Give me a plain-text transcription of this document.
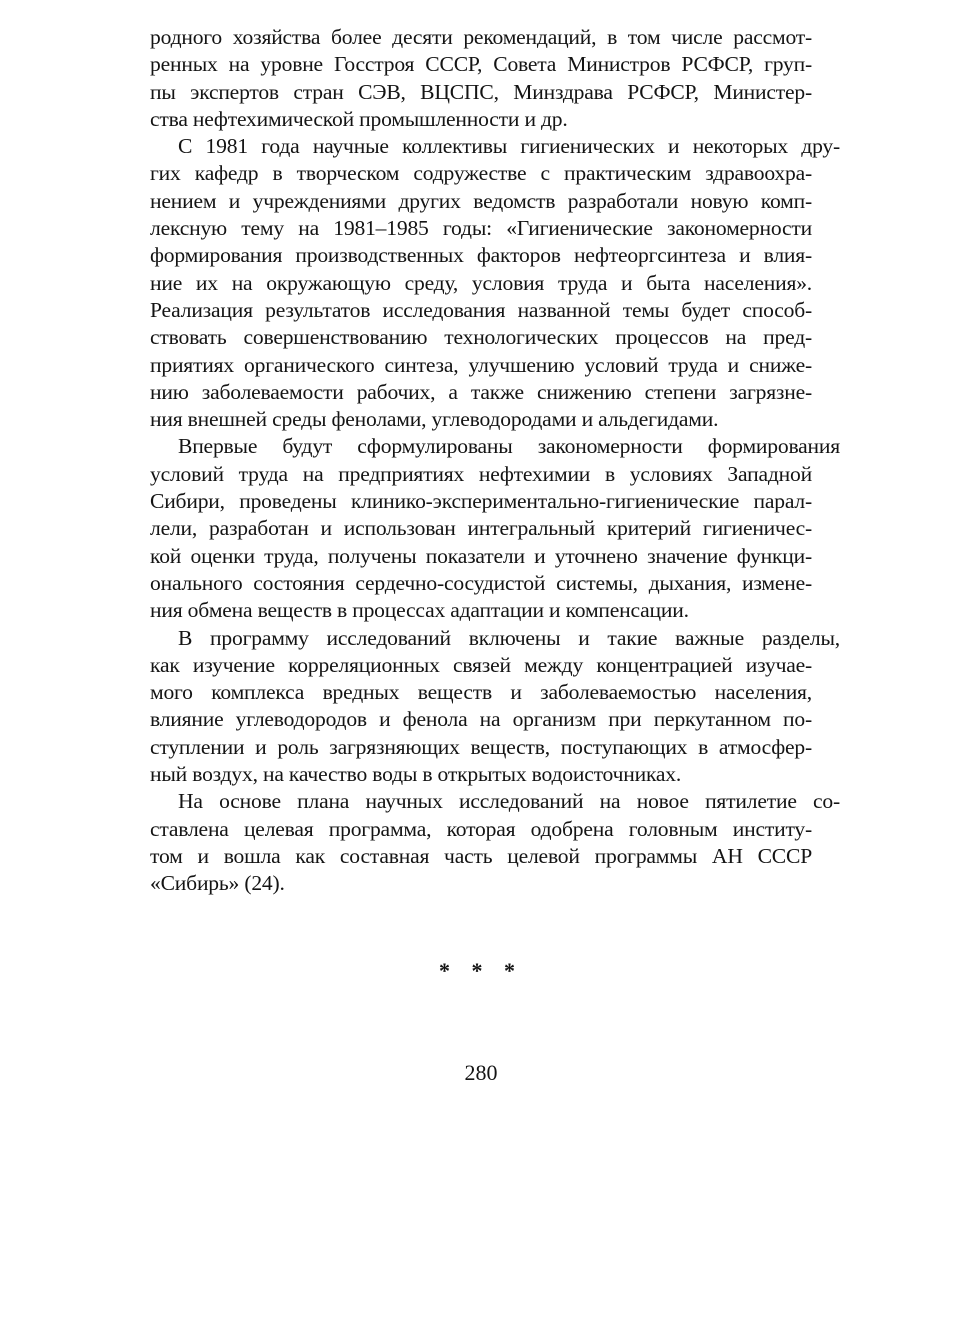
родного хозяйства более десяти рекомендаций, в том числе рассмот-
ренных на уровне Госстроя СССР, Совета Министров РСФСР, груп-
пы экспертов стран СЭВ, ВЦСПС, Минздрава РСФСР, Министер-
ства нефтехимической промышленности и др.
С 1981 года научные коллективы гигиенических и некоторых дру-
гих кафедр в творческом содружестве с практическим здравоохра-
нением и учреждениями других ведомств разработали новую комп-
лексную тему на 1981–1985 годы: «Гигиенические закономерности
формирования производственных факторов нефтеоргсинтеза и влия-
ние их на окружающую среду, условия труда и быта населения».
Реализация результатов исследования названной темы будет способ-
ствовать совершенствованию технологических процессов на пред-
приятиях органического синтеза, улучшению условий труда и сниже-
нию заболеваемости рабочих, а также снижению степени загрязне-
ния внешней среды фенолами, углеводородами и альдегидами.
Впервые будут сформулированы закономерности формирования
условий труда на предприятиях нефтехимии в условиях Западной
Сибири, проведены клинико-экспериментально-гигиенические парал-
лели, разработан и использован интегральный критерий гигиеничес-
кой оценки труда, получены показатели и уточнено значение функци-
онального состояния сердечно-сосудистой системы, дыхания, измене-
ния обмена веществ в процессах адаптации и компенсации.
В программу исследований включены и такие важные разделы,
как изучение корреляционных связей между концентрацией изучае-
мого комплекса вредных веществ и заболеваемостью населения,
влияние углеводородов и фенола на организм при перкутанном по-
ступлении и роль загрязняющих веществ, поступающих в атмосфер-
ный воздух, на качество воды в открытых водоисточниках.
На основе плана научных исследований на новое пятилетие со-
ставлена целевая программа, которая одобрена головным институ-
том и вошла как составная часть целевой программы АН СССР
«Сибирь» (24).
* * *
280
